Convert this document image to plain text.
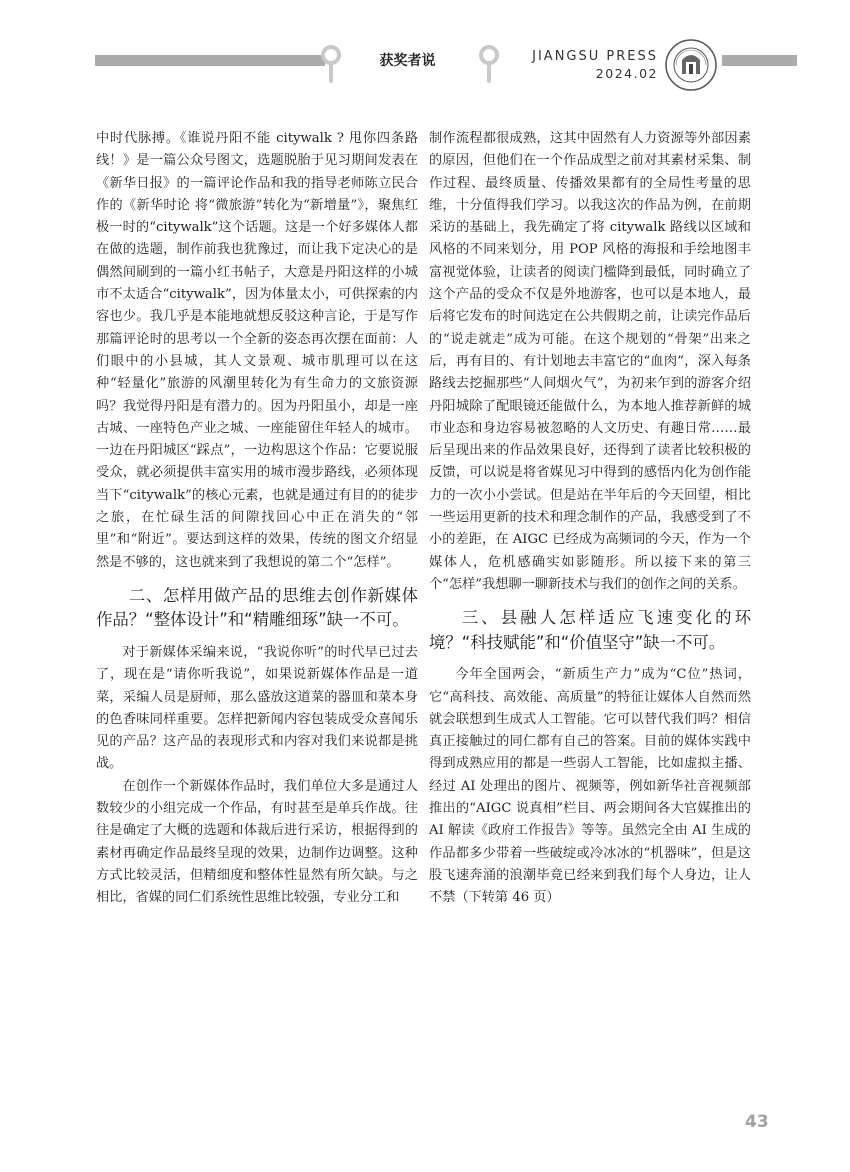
获奖者说	JIANGSU PRESS
2024.02

中时代脉搏。《谁说丹阳不能 citywalk ? 甩你四条路线！》是一篇公众号图文，选题脱胎于见习期间发表在《新华日报》的一篇评论作品和我的指导老师陈立民合作的《新华时论 将“微旅游”转化为“新增量”》，聚焦红极一时的“citywalk”这个话题。这是一个好多媒体人都在做的选题，制作前我也犹豫过，而让我下定决心的是偶然间刷到的一篇小红书帖子，大意是丹阳这样的小城市不太适合“citywalk”，因为体量太小，可供探索的内容也少。我几乎是本能地就想反驳这种言论，于是写作那篇评论时的思考以一个全新的姿态再次摆在面前：人们眼中的小县城，其人文景观、城市肌理可以在这种“轻量化”旅游的风潮里转化为有生命力的文旅资源吗？我觉得丹阳是有潜力的。因为丹阳虽小，却是一座古城、一座特色产业之城、一座能留住年轻人的城市。一边在丹阳城区“踩点”，一边构思这个作品：它要说服受众，就必须提供丰富实用的城市漫步路线，必须体现当下“citywalk”的核心元素，也就是通过有目的的徒步之旅，在忙碌生活的间隙找回心中正在消失的“邻里”和“附近”。要达到这样的效果，传统的图文介绍显然是不够的，这也就来到了我想说的第二个“怎样”。

二、怎样用做产品的思维去创作新媒体作品？“整体设计”和“精雕细琢”缺一不可。

对于新媒体采编来说，“我说你听”的时代早已过去了，现在是“请你听我说”，如果说新媒体作品是一道菜，采编人员是厨师，那么盛放这道菜的器皿和菜本身的色香味同样重要。怎样把新闻内容包装成受众喜闻乐见的产品？这产品的表现形式和内容对我们来说都是挑战。

在创作一个新媒体作品时，我们单位大多是通过人数较少的小组完成一个作品，有时甚至是单兵作战。往往是确定了大概的选题和体裁后进行采访，根据得到的素材再确定作品最终呈现的效果，边制作边调整。这种方式比较灵活，但精细度和整体性显然有所欠缺。与之相比，省媒的同仁们系统性思维比较强，专业分工和

制作流程都很成熟，这其中固然有人力资源等外部因素的原因，但他们在一个作品成型之前对其素材采集、制作过程、最终质量、传播效果都有的全局性考量的思维，十分值得我们学习。以我这次的作品为例，在前期采访的基础上，我先确定了将 citywalk 路线以区域和风格的不同来划分，用 POP 风格的海报和手绘地图丰富视觉体验，让读者的阅读门槛降到最低，同时确立了这个产品的受众不仅是外地游客，也可以是本地人，最后将它发布的时间选定在公共假期之前，让读完作品后的“说走就走”成为可能。在这个规划的“骨架”出来之后，再有目的、有计划地去丰富它的“血肉”，深入每条路线去挖掘那些“人间烟火气”，为初来乍到的游客介绍丹阳城除了配眼镜还能做什么，为本地人推荐新鲜的城市业态和身边容易被忽略的人文历史、有趣日常……最后呈现出来的作品效果良好，还得到了读者比较积极的反馈，可以说是将省媒见习中得到的感悟内化为创作能力的一次小小尝试。但是站在半年后的今天回望，相比一些运用更新的技术和理念制作的产品，我感受到了不小的差距，在 AIGC 已经成为高频词的今天，作为一个媒体人，危机感确实如影随形。所以接下来的第三个“怎样”我想聊一聊新技术与我们的创作之间的关系。

三、县融人怎样适应飞速变化的环境？“科技赋能”和“价值坚守”缺一不可。

今年全国两会，“新质生产力”成为“C位”热词，它“高科技、高效能、高质量”的特征让媒体人自然而然就会联想到生成式人工智能。它可以替代我们吗？相信真正接触过的同仁都有自己的答案。目前的媒体实践中得到成熟应用的都是一些弱人工智能，比如虚拟主播、经过 AI 处理出的图片、视频等，例如新华社音视频部推出的“AIGC 说真相”栏目、两会期间各大官媒推出的 AI 解读《政府工作报告》等等。虽然完全由 AI 生成的作品都多少带着一些破绽或冷冰冰的“机器味”，但是这股飞速奔涌的浪潮毕竟已经来到我们每个人身边，让人不禁（下转第 46 页）

43
